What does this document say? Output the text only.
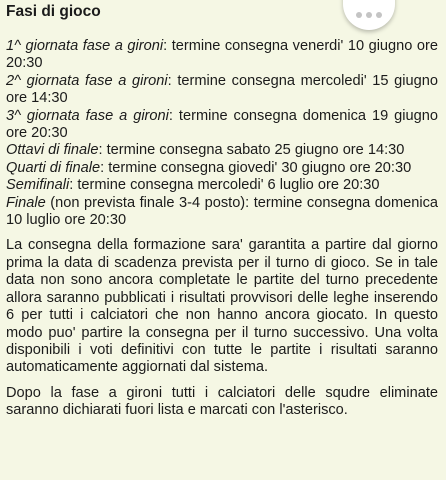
Fasi di gioco

1^ giornata fase a gironi: termine consegna venerdi' 10 giugno ore 20:30

2^ giornata fase a gironi: termine consegna mercoledi' 15 giugno ore 14:30

3^ giornata fase a gironi: termine consegna domenica 19 giugno ore 20:30

Ottavi di finale: termine consegna sabato 25 giugno ore 14:30

Quarti di finale: termine consegna giovedi' 30 giugno ore 20:30

Semifinali: termine consegna mercoledi' 6 luglio ore 20:30

Finale (non prevista finale 3-4 posto): termine consegna domenica 10 luglio ore 20:30

La consegna della formazione sara' garantita a partire dal giorno prima la data di scadenza prevista per il turno di gioco. Se in tale data non sono ancora completate le partite del turno precedente allora saranno pubblicati i risultati provvisori delle leghe inserendo 6 per tutti i calciatori che non hanno ancora giocato. In questo modo puo' partire la consegna per il turno successivo. Una volta disponibili i voti definitivi con tutte le partite i risultati saranno automaticamente aggiornati dal sistema.

Dopo la fase a gironi tutti i calciatori delle squdre eliminate saranno dichiarati fuori lista e marcati con l'asterisco.
